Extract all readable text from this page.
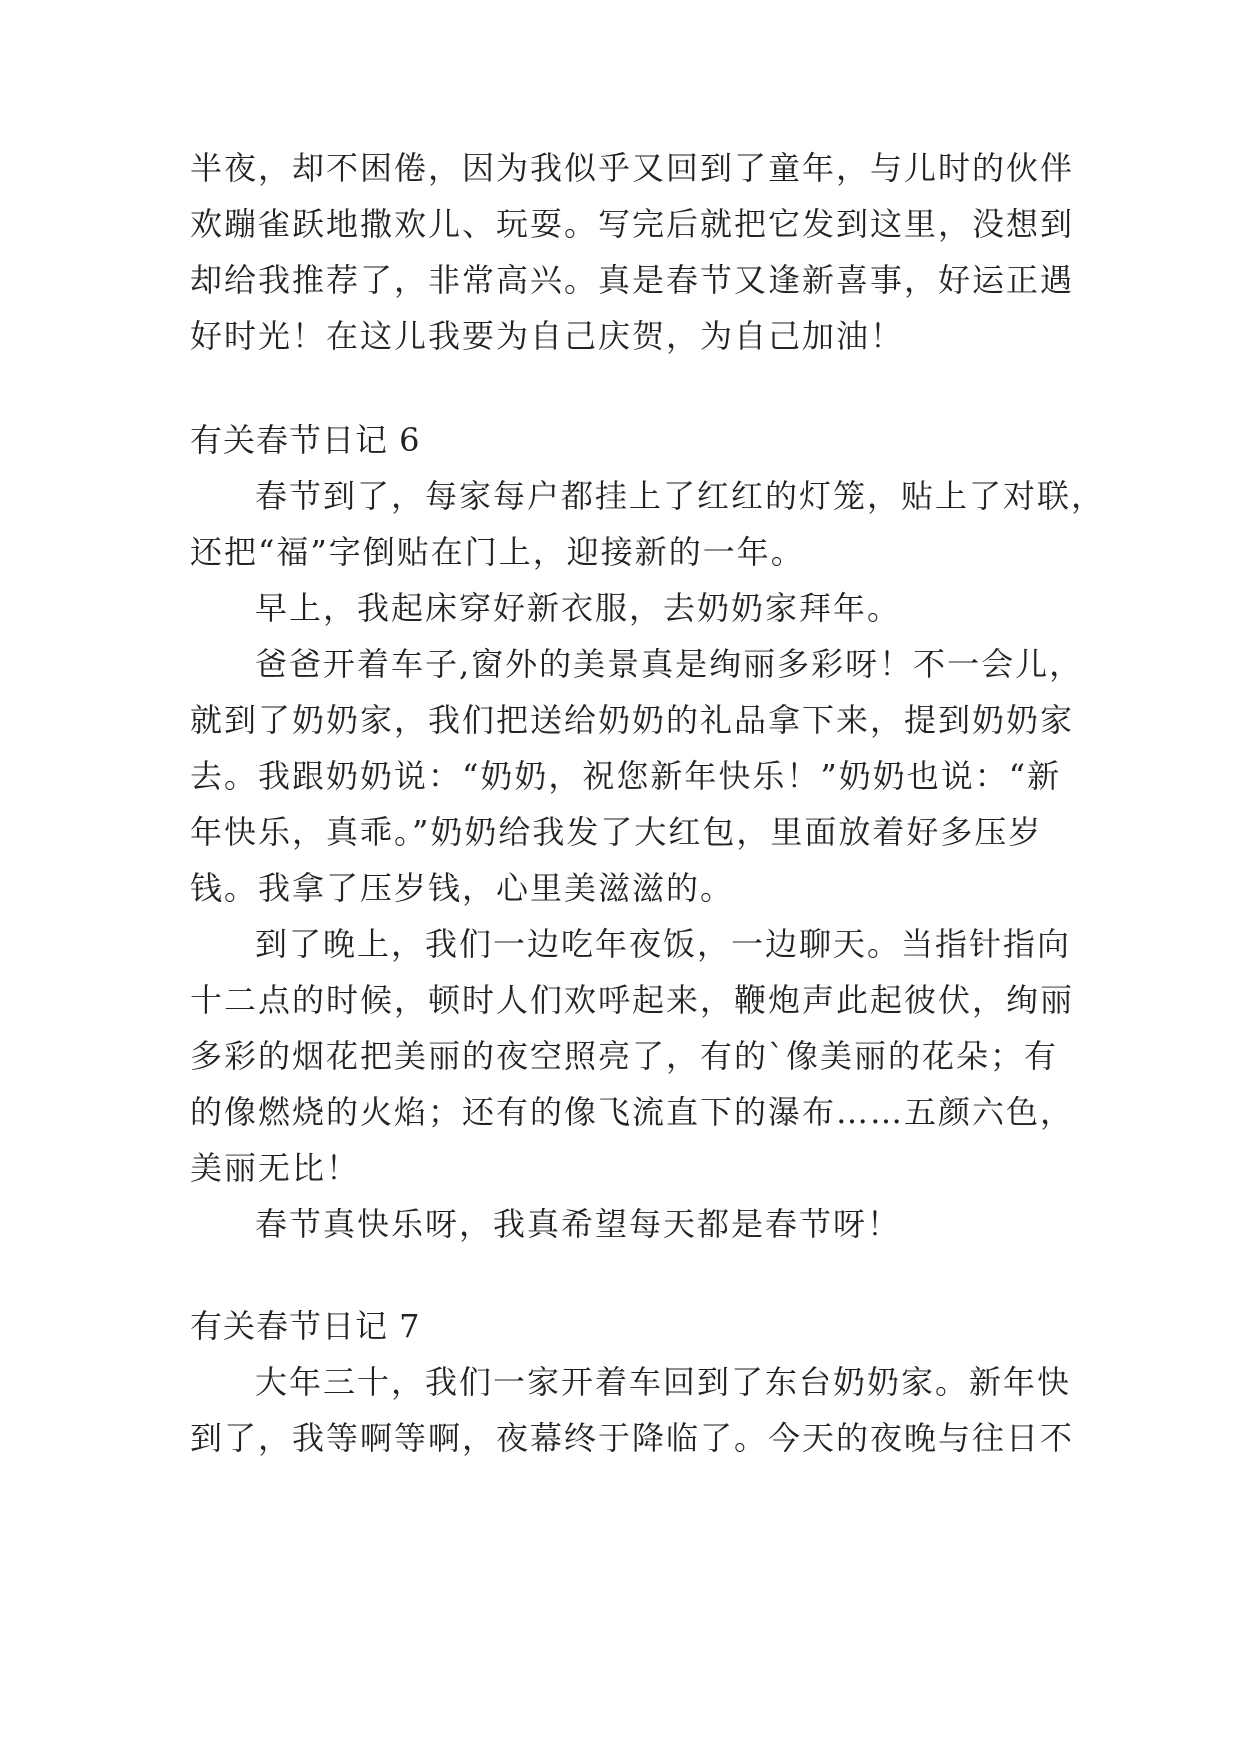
半夜，却不困倦，因为我似乎又回到了童年，与儿时的伙伴

欢蹦雀跃地撒欢儿、玩耍。写完后就把它发到这里，没想到

却给我推荐了，非常高兴。真是春节又逢新喜事，好运正遇

好时光！在这儿我要为自己庆贺，为自己加油！

有关春节日记 6

春节到了，每家每户都挂上了红红的灯笼，贴上了对联，

还把“福”字倒贴在门上，迎接新的一年。

早上，我起床穿好新衣服，去奶奶家拜年。

爸爸开着车子,窗外的美景真是绚丽多彩呀！不一会儿，

就到了奶奶家，我们把送给奶奶的礼品拿下来，提到奶奶家

去。我跟奶奶说：“奶奶，祝您新年快乐！”奶奶也说：“新

年快乐，真乖。”奶奶给我发了大红包，里面放着好多压岁

钱。我拿了压岁钱，心里美滋滋的。

到了晚上，我们一边吃年夜饭，一边聊天。当指针指向

十二点的时候，顿时人们欢呼起来，鞭炮声此起彼伏，绚丽

多彩的烟花把美丽的夜空照亮了，有的`像美丽的花朵；有

的像燃烧的火焰；还有的像飞流直下的瀑布……五颜六色，

美丽无比！

春节真快乐呀，我真希望每天都是春节呀！

有关春节日记 7

大年三十，我们一家开着车回到了东台奶奶家。新年快

到了，我等啊等啊，夜幕终于降临了。今天的夜晚与往日不
